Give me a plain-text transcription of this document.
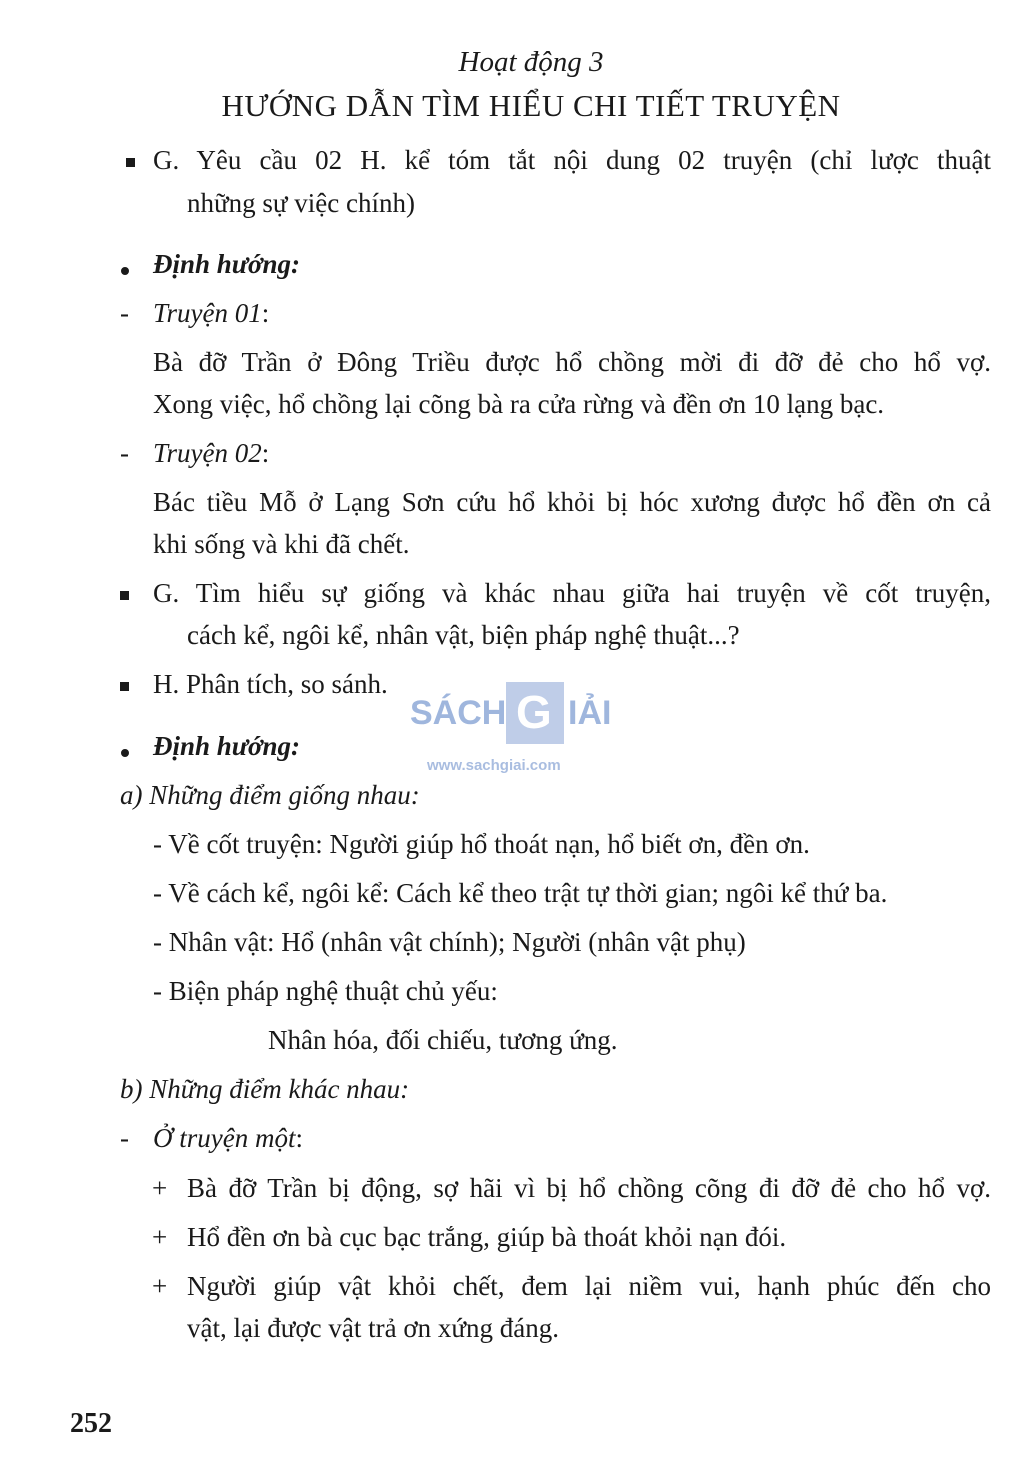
Hoạt động 3
HƯỚNG DẪN TÌM HIỂU CHI TIẾT TRUYỆN
G. Yêu cầu 02 H. kể tóm tắt nội dung 02 truyện (chỉ lược thuật
những sự việc chính)
Định hướng:
- Truyện 01:
Bà đỡ Trần ở Đông Triều được hổ chồng mời đi đỡ đẻ cho hổ vợ.
Xong việc, hổ chồng lại cõng bà ra cửa rừng và đền ơn 10 lạng bạc.
- Truyện 02:
Bác tiều Mỗ ở Lạng Sơn cứu hổ khỏi bị hóc xương được hổ đền ơn cả
khi sống và khi đã chết.
G. Tìm hiểu sự giống và khác nhau giữa hai truyện về cốt truyện,
cách kể, ngôi kể, nhân vật, biện pháp nghệ thuật...?
H. Phân tích, so sánh.
SÁCH G IẢI
www.sachgiai.com
Định hướng:
a) Những điểm giống nhau:
- Về cốt truyện: Người giúp hổ thoát nạn, hổ biết ơn, đền ơn.
- Về cách kể, ngôi kể: Cách kể theo trật tự thời gian; ngôi kể thứ ba.
- Nhân vật: Hổ (nhân vật chính); Người (nhân vật phụ)
- Biện pháp nghệ thuật chủ yếu:
Nhân hóa, đối chiếu, tương ứng.
b) Những điểm khác nhau:
- Ở truyện một:
+ Bà đỡ Trần bị động, sợ hãi vì bị hổ chồng cõng đi đỡ đẻ cho hổ vợ.
+ Hổ đền ơn bà cục bạc trắng, giúp bà thoát khỏi nạn đói.
+ Người giúp vật khỏi chết, đem lại niềm vui, hạnh phúc đến cho
vật, lại được vật trả ơn xứng đáng.
252
